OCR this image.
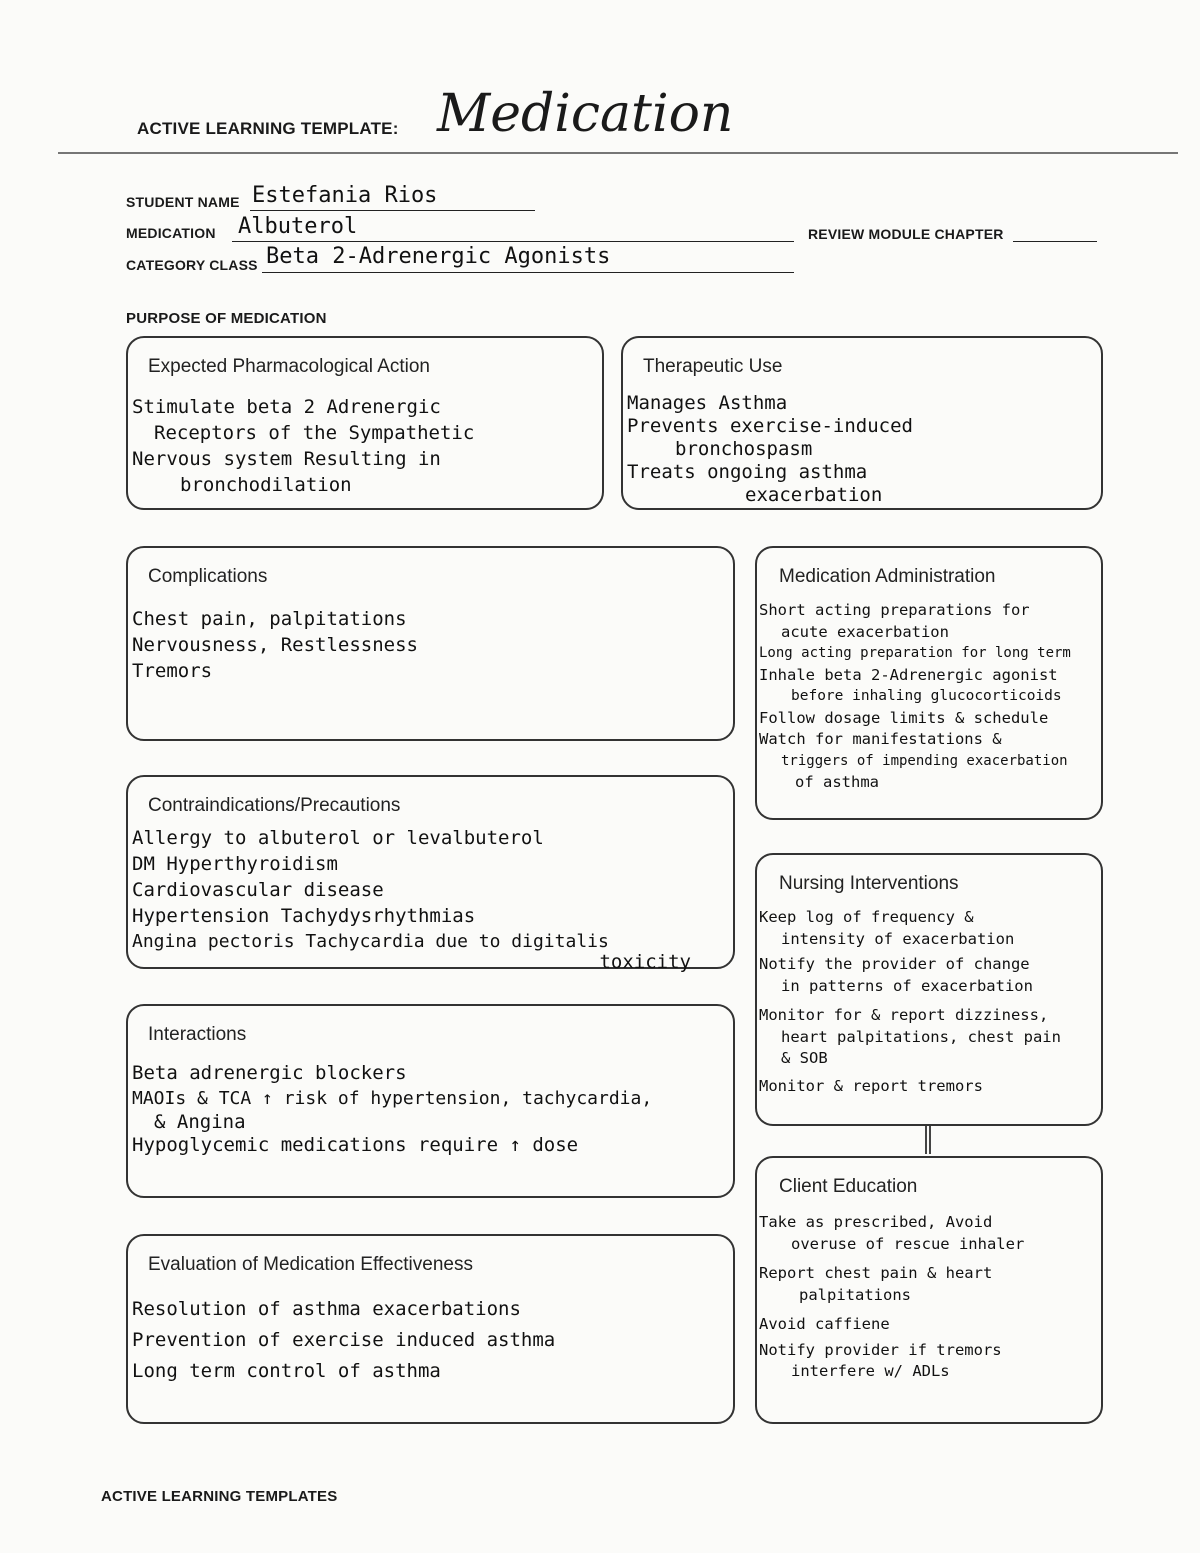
ACTIVE LEARNING TEMPLATE: Medication
STUDENT NAME Estefania Rios
MEDICATION Albuterol	REVIEW MODULE CHAPTER
CATEGORY CLASS Beta 2-Adrenergic Agonists
PURPOSE OF MEDICATION
Expected Pharmacological Action
Stimulate beta 2 Adrenergic
Receptors of the Sympathetic
Nervous system Resulting in
bronchodilation
Therapeutic Use
Manages Asthma
Prevents exercise-induced
bronchospasm
Treats ongoing asthma
exacerbation
Complications
Chest pain, palpitations
Nervousness, Restlessness
Tremors
Medication Administration
Short acting preparations for
acute exacerbation
Long acting preparation for long term
Inhale beta 2-Adrenergic agonist
before inhaling glucocorticoids
Follow dosage limits & schedule
Watch for manifestations &
triggers of impending exacerbation
of asthma
Contraindications/Precautions
Allergy to albuterol or levalbuterol
DM Hyperthyroidism
Cardiovascular disease
Hypertension Tachydysrhythmias
Angina pectoris Tachycardia due to digitalis
toxicity
Nursing Interventions
Keep log of frequency &
intensity of exacerbation
Notify the provider of change
in patterns of exacerbation
Monitor for & report dizziness,
heart palpitations, chest pain
& SOB
Monitor & report tremors
Interactions
Beta adrenergic blockers
MAOIs & TCA ↑ risk of hypertension, tachycardia,
& Angina
Hypoglycemic medications require ↑ dose
Client Education
Take as prescribed, Avoid
overuse of rescue inhaler
Report chest pain & heart
palpitations
Avoid caffiene
Notify provider if tremors
interfere w/ ADLs
Evaluation of Medication Effectiveness
Resolution of asthma exacerbations
Prevention of exercise induced asthma
Long term control of asthma
ACTIVE LEARNING TEMPLATES
